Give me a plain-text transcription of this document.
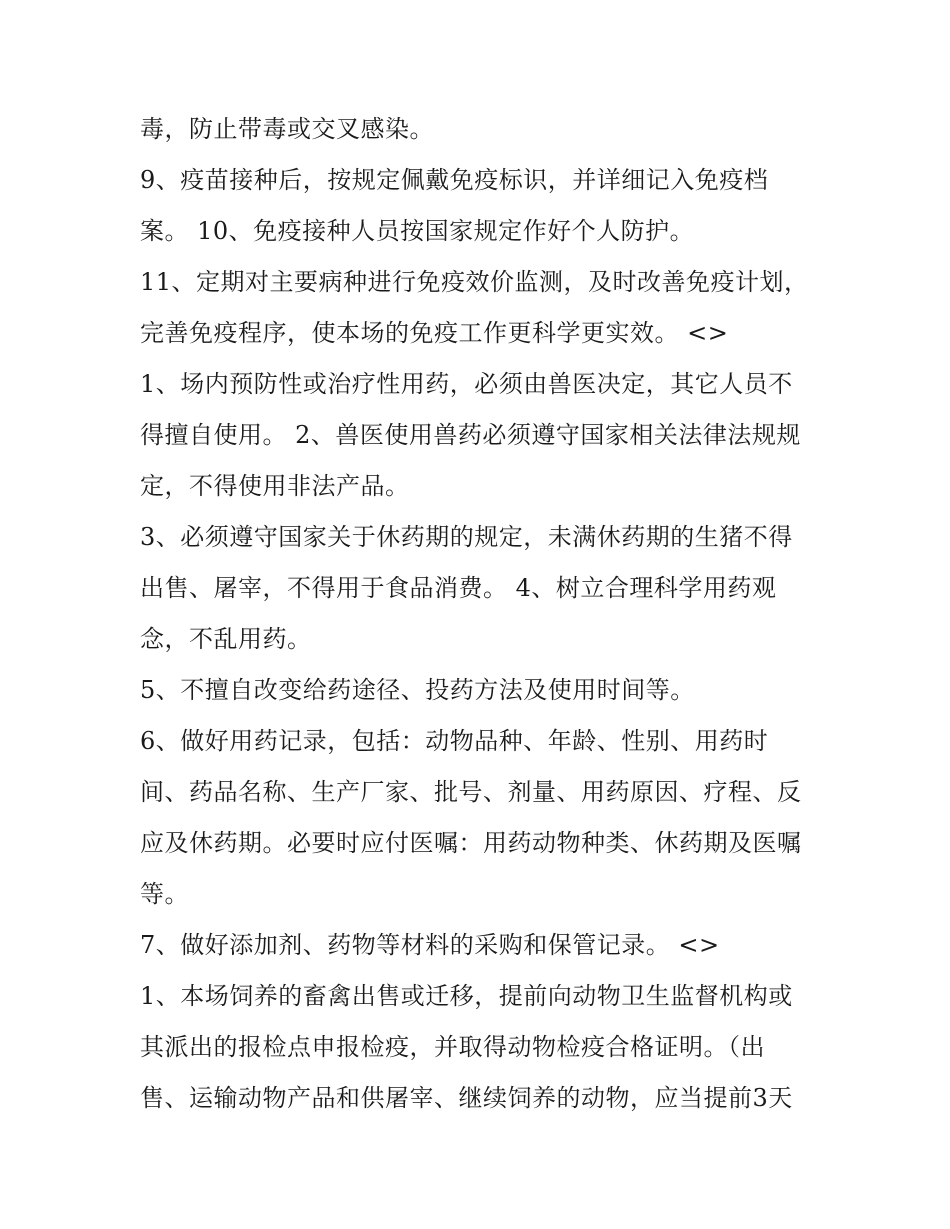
毒，防止带毒或交叉感染。
9、疫苗接种后，按规定佩戴免疫标识，并详细记入免疫档
案。 10、免疫接种人员按国家规定作好个人防护。
11、定期对主要病种进行免疫效价监测，及时改善免疫计划，
完善免疫程序，使本场的免疫工作更科学更实效。 <>
1、场内预防性或治疗性用药，必须由兽医决定，其它人员不
得擅自使用。 2、兽医使用兽药必须遵守国家相关法律法规规
定，不得使用非法产品。
3、必须遵守国家关于休药期的规定，未满休药期的生猪不得
出售、屠宰，不得用于食品消费。 4、树立合理科学用药观
念，不乱用药。
5、不擅自改变给药途径、投药方法及使用时间等。
6、做好用药记录，包括：动物品种、年龄、性别、用药时
间、药品名称、生产厂家、批号、剂量、用药原因、疗程、反
应及休药期。必要时应付医嘱：用药动物种类、休药期及医嘱
等。
7、做好添加剂、药物等材料的采购和保管记录。 <>
1、本场饲养的畜禽出售或迁移，提前向动物卫生监督机构或
其派出的报检点申报检疫，并取得动物检疫合格证明。（出
售、运输动物产品和供屠宰、继续饲养的动物，应当提前3天
